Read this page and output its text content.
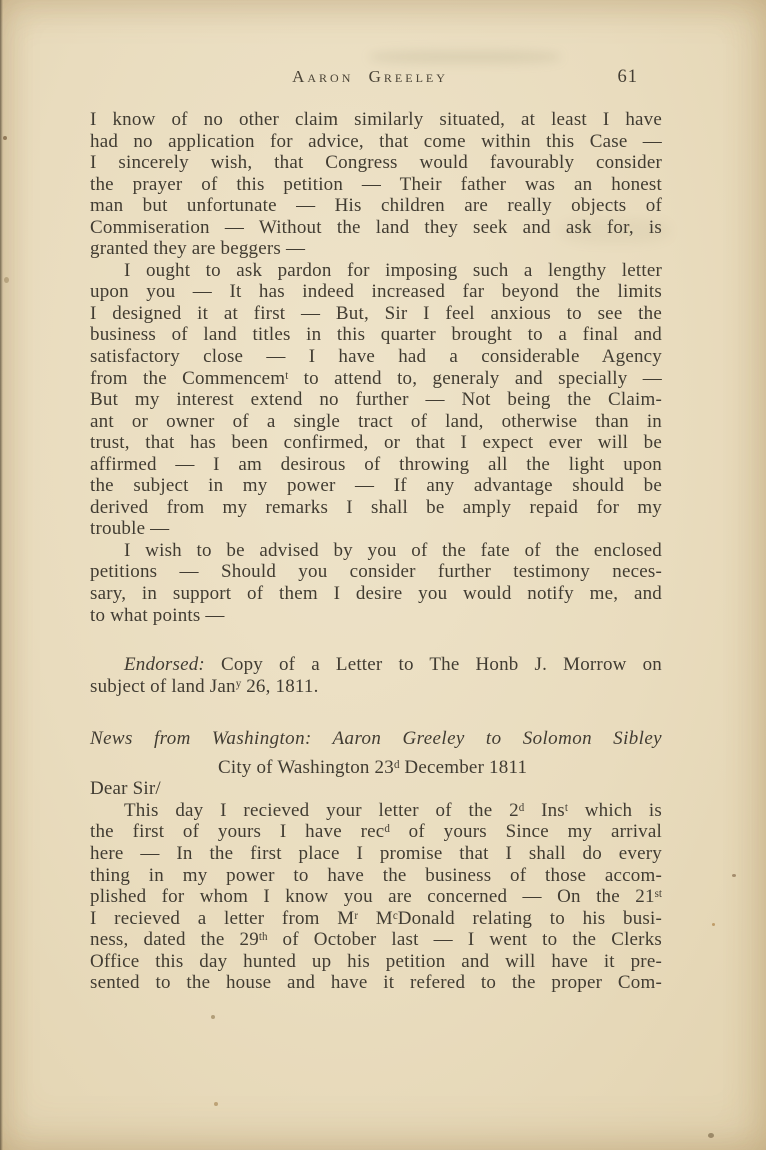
Aaron Greeley	61
I know of no other claim similarly situated, at least I have
had no application for advice, that come within this Case —
I sincerely wish, that Congress would favourably consider
the prayer of this petition — Their father was an honest
man but unfortunate — His children are really objects of
Commiseration — Without the land they seek and ask for, is
granted they are beggers —
I ought to ask pardon for imposing such a lengthy letter
upon you — It has indeed increased far beyond the limits
I designed it at first — But, Sir I feel anxious to see the
business of land titles in this quarter brought to a final and
satisfactory close — I have had a considerable Agency
from the Commencem$^t$ to attend to, generaly and specially —
But my interest extend no further — Not being the Claim-
ant or owner of a single tract of land, otherwise than in
trust, that has been confirmed, or that I expect ever will be
affirmed — I am desirous of throwing all the light upon
the subject in my power — If any advantage should be
derived from my remarks I shall be amply repaid for my
trouble —
I wish to be advised by you of the fate of the enclosed
petitions — Should you consider further testimony neces-
sary, in support of them I desire you would notify me, and
to what points —
Endorsed: Copy of a Letter to The Honb J. Morrow on
subject of land Jan$^y$ 26, 1811.
News from Washington: Aaron Greeley to Solomon Sibley
City of Washington 23$^d$ December 1811
Dear Sir/
This day I recieved your letter of the 2$^d$ Ins$^t$ which is
the first of yours I have rec$^d$ of yours Since my arrival
here — In the first place I promise that I shall do every
thing in my power to have the business of those accom-
plished for whom I know you are concerned — On the 21st
I recieved a letter from $M^r$ $M^cDonald$ relating to his busi-
ness, dated the 29th of October last — I went to the Clerks
Office this day hunted up his petition and will have it pre-
sented to the house and have it refered to the proper Com-
